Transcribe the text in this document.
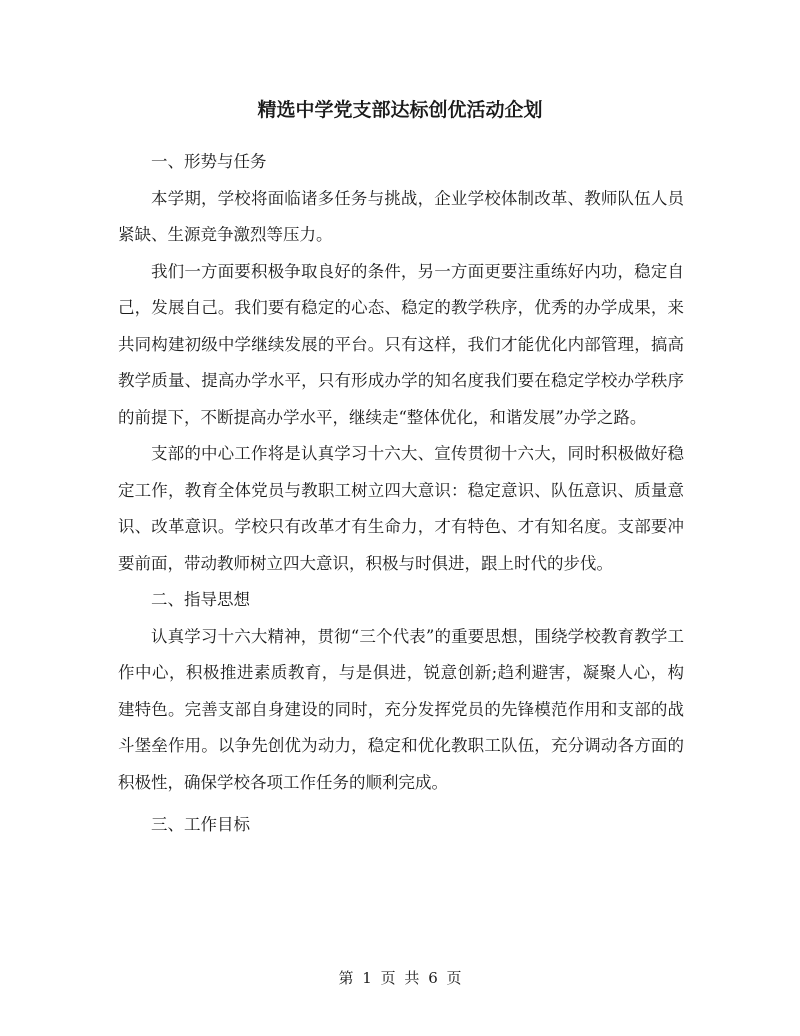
精选中学党支部达标创优活动企划
一、形势与任务
本学期，学校将面临诸多任务与挑战，企业学校体制改革、教师队伍人员紧缺、生源竞争激烈等压力。
我们一方面要积极争取良好的条件，另一方面更要注重练好内功，稳定自己，发展自己。我们要有稳定的心态、稳定的教学秩序，优秀的办学成果，来共同构建初级中学继续发展的平台。只有这样，我们才能优化内部管理，搞高教学质量、提高办学水平，只有形成办学的知名度我们要在稳定学校办学秩序的前提下，不断提高办学水平，继续走“整体优化，和谐发展”办学之路。
支部的中心工作将是认真学习十六大、宣传贯彻十六大，同时积极做好稳定工作，教育全体党员与教职工树立四大意识：稳定意识、队伍意识、质量意识、改革意识。学校只有改革才有生命力，才有特色、才有知名度。支部要冲要前面，带动教师树立四大意识，积极与时俱进，跟上时代的步伐。
二、指导思想
认真学习十六大精神，贯彻“三个代表”的重要思想，围绕学校教育教学工作中心，积极推进素质教育，与是俱进，锐意创新;趋利避害，凝聚人心，构建特色。完善支部自身建设的同时，充分发挥党员的先锋模范作用和支部的战斗堡垒作用。以争先创优为动力，稳定和优化教职工队伍，充分调动各方面的积极性，确保学校各项工作任务的顺利完成。
三、工作目标
第 1 页 共 6 页
